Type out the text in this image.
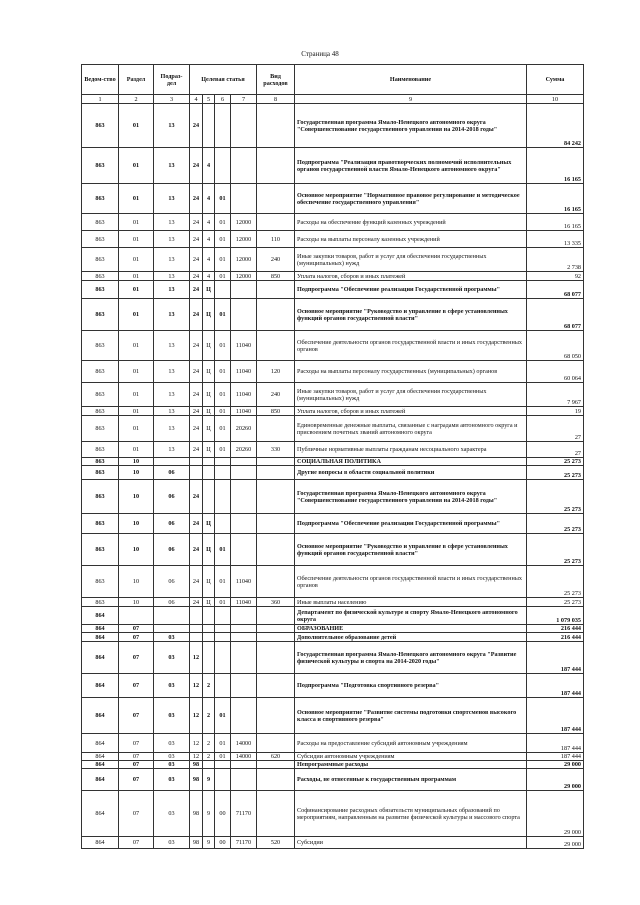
Страница 48
Ведом-ство	Раздел	Подраз-дел	Целевая статья				Вид расходов	Наименование	Сумма
1	2	3	4	5	6	7	8	9	10
863	01	13	24					Государственная программа Ямало-Ненецкого автономного округа "Совершенствование государственного управления на 2014-2018 годы"	84 242
863	01	13	24	4				Подпрограмма "Реализация правотворческих полномочий исполнительных органов государственной власти Ямало-Ненецкого автономного округа"	16 165
863	01	13	24	4	01			Основное мероприятие "Нормативное правовое регулирование и методическое обеспечение государственного управления"	16 165
863	01	13	24	4	01	12000		Расходы на обеспечение функций казенных учреждений	16 165
863	01	13	24	4	01	12000	110	Расходы на выплаты персоналу казенных учреждений	13 335
863	01	13	24	4	01	12000	240	Иные закупки товаров, работ и услуг для обеспечения государственных (муниципальных) нужд	2 738
863	01	13	24	4	01	12000	850	Уплата налогов, сборов и иных платежей	92
863	01	13	24	Ц				Подпрограмма "Обеспечение реализации Государственной программы"	68 077
863	01	13	24	Ц	01			Основное мероприятие "Руководство и управление в сфере установленных функций органов государственной власти"	68 077
863	01	13	24	Ц	01	11040		Обеспечение деятельности органов государственной власти и иных государственных органов	68 050
863	01	13	24	Ц	01	11040	120	Расходы на выплаты персоналу государственных (муниципальных) органов	60 064
863	01	13	24	Ц	01	11040	240	Иные закупки товаров, работ и услуг для обеспечения государственных (муниципальных) нужд	7 967
863	01	13	24	Ц	01	11040	850	Уплата налогов, сборов и иных платежей	19
863	01	13	24	Ц	01	20260		Единовременные денежные выплаты, связанные с наградами автономного округа и присвоением почетных званий автономного округа	27
863	01	13	24	Ц	01	20260	330	Публичные нормативные выплаты гражданам несоциального характера	27
863	10							СОЦИАЛЬНАЯ ПОЛИТИКА	25 273
863	10	06						Другие вопросы в области социальной политики	25 273
863	10	06	24					Государственная программа Ямало-Ненецкого автономного округа "Совершенствование государственного управления на 2014-2018 годы"	25 273
863	10	06	24	Ц				Подпрограмма "Обеспечение реализации Государственной программы"	25 273
863	10	06	24	Ц	01			Основное мероприятие "Руководство и управление в сфере установленных функций органов государственной власти"	25 273
863	10	06	24	Ц	01	11040		Обеспечение деятельности органов государственной власти и иных государственных органов	25 273
863	10	06	24	Ц	01	11040	360	Иные выплаты населению	25 273
864								Департамент по физической культуре и спорту Ямало-Ненецкого автономного округа	1 079 035
864	07							ОБРАЗОВАНИЕ	216 444
864	07	03						Дополнительное образование детей	216 444
864	07	03	12					Государственная программа Ямало-Ненецкого автономного округа "Развитие физической культуры и спорта на 2014-2020 годы"	187 444
864	07	03	12	2				Подпрограмма "Подготовка спортивного резерва"	187 444
864	07	03	12	2	01			Основное мероприятие "Развитие системы подготовки спортсменов высокого класса и спортивного резерва"	187 444
864	07	03	12	2	01	14000		Расходы на предоставление субсидий автономным учреждениям	187 444
864	07	03	12	2	01	14000	620	Субсидии автономным учреждениям	187 444
864	07	03	98					Непрограммные расходы	29 000
864	07	03	98	9				Расходы, не отнесенные к государственным программам	29 000
864	07	03	98	9	00	71170		Софинансирование расходных обязательств муниципальных образований по мероприятиям, направленным на развитие физической культуры и массового спорта	29 000
864	07	03	98	9	00	71170	520	Субсидии	29 000
